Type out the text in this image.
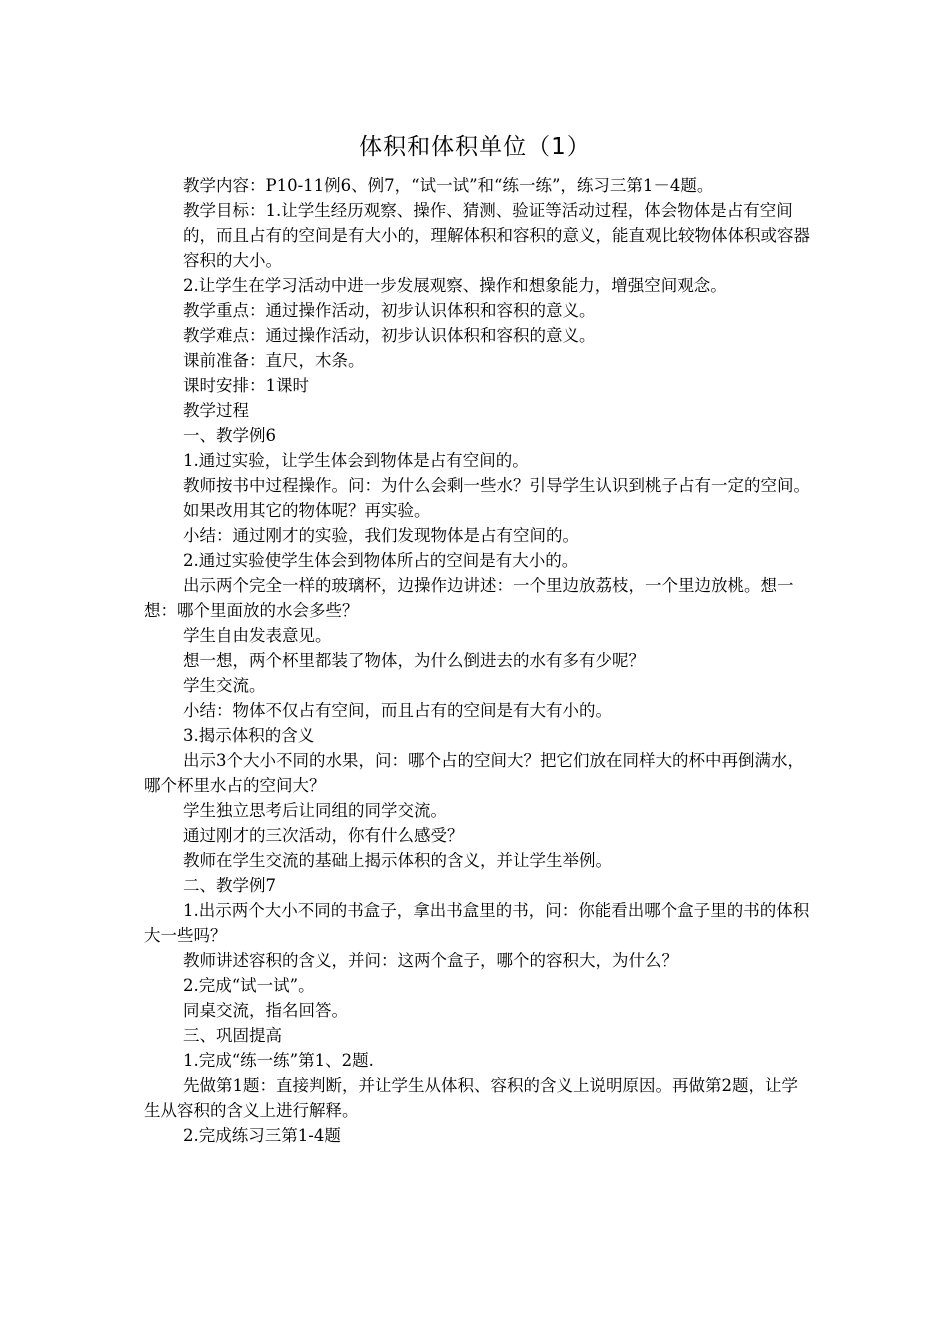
体积和体积单位（1）

教学内容：P10-11例6、例7，“试一试”和“练一练”，练习三第1－4题。

教学目标：1.让学生经历观察、操作、猜测、验证等活动过程，体会物体是占有空间

的，而且占有的空间是有大小的，理解体积和容积的意义，能直观比较物体体积或容器

容积的大小。

2.让学生在学习活动中进一步发展观察、操作和想象能力，增强空间观念。

教学重点：通过操作活动，初步认识体积和容积的意义。

教学难点：通过操作活动，初步认识体积和容积的意义。

课前准备：直尺，木条。

课时安排：1课时

教学过程

一、教学例6

1.通过实验，让学生体会到物体是占有空间的。

教师按书中过程操作。问：为什么会剩一些水？引导学生认识到桃子占有一定的空间。

如果改用其它的物体呢？再实验。

小结：通过刚才的实验，我们发现物体是占有空间的。

2.通过实验使学生体会到物体所占的空间是有大小的。

出示两个完全一样的玻璃杯，边操作边讲述：一个里边放荔枝，一个里边放桃。想一想：哪个里面放的水会多些？

学生自由发表意见。

想一想，两个杯里都装了物体，为什么倒进去的水有多有少呢？

学生交流。

小结：物体不仅占有空间，而且占有的空间是有大有小的。

3.揭示体积的含义

出示3个大小不同的水果，问：哪个占的空间大？把它们放在同样大的杯中再倒满水，哪个杯里水占的空间大？

学生独立思考后让同组的同学交流。

通过刚才的三次活动，你有什么感受？

教师在学生交流的基础上揭示体积的含义，并让学生举例。

二、教学例7

1.出示两个大小不同的书盒子，拿出书盒里的书，问：你能看出哪个盒子里的书的体积大一些吗？

教师讲述容积的含义，并问：这两个盒子，哪个的容积大，为什么？

2.完成“试一试”。

同桌交流，指名回答。

三、巩固提高

1.完成“练一练”第1、2题.

先做第1题：直接判断，并让学生从体积、容积的含义上说明原因。再做第2题，让学生从容积的含义上进行解释。

2.完成练习三第1-4题
